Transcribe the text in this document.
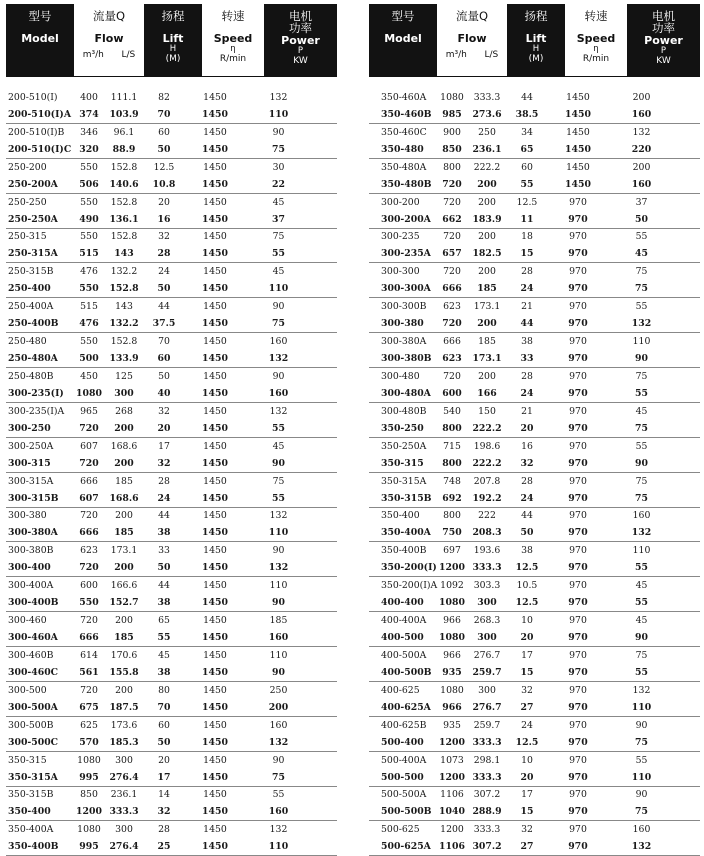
型号
Model
流量Q
Flow
m³/h L/S
扬程
Lift
H
(M)
转速
Speed
η
R/min
电机
功率
Power
P
KW
200-510(I)	400	111.1	82	1450	132
200-510(I)A 374	103.9	70	1450	110
200-510(I)B	346	96.1	60	1450	90
200-510(I)C 320	88.9	50	1450	75
250-200	550	152.8	12.5	1450	30
250-200A	506	140.6	10.8	1450	22
250-250	550	152.8	20	1450	45
250-250A	490	136.1	16	1450	37
250-315	550	152.8	32	1450	75
250-315A	515	143	28	1450	55
250-315B	476	132.2	24	1450	45
250-400	550	152.8	50	1450	110
250-400A	515	143	44	1450	90
250-400B	476	132.2	37.5	1450	75
250-480	550	152.8	70	1450	160
250-480A	500	133.9	60	1450	132
250-480B	450	125	50	1450	90
300-235(I)	1080	300	40	1450	160
300-235(I)A	965	268	32	1450	132
300-250	720	200	20	1450	55
300-250A	607	168.6	17	1450	45
300-315	720	200	32	1450	90
300-315A	666	185	28	1450	75
300-315B	607	168.6	24	1450	55
300-380	720	200	44	1450	132
300-380A	666	185	38	1450	110
300-380B	623	173.1	33	1450	90
300-400	720	200	50	1450	132
300-400A	600	166.6	44	1450	110
300-400B	550	152.7	38	1450	90
300-460	720	200	65	1450	185
300-460A	666	185	55	1450	160
300-460B	614	170.6	45	1450	110
300-460C	561	155.8	38	1450	90
300-500	720	200	80	1450	250
300-500A	675	187.5	70	1450	200
300-500B	625	173.6	60	1450	160
300-500C	570	185.3	50	1450	132
350-315	1080	300	20	1450	90
350-315A	995	276.4	17	1450	75
350-315B	850	236.1	14	1450	55
350-400	1200 333.3	32	1450	160
350-400A	1080	300	28	1450	132
350-400B	995	276.4	25	1450	110
型号
Model
流量Q
Flow
m³/h L/S
扬程
Lift
H
(M)
转速
Speed
η
R/min
电机
功率
Power
P
KW
350-460A	1080	333.3	44	1450	200
350-460B	985	273.6	38.5	1450	160
350-460C	900	250	34	1450	132
350-480	850	236.1	65	1450	220
350-480A	800	222.2	60	1450	200
350-480B	720	200	55	1450	160
300-200	720	200	12.5	970	37
300-200A	662	183.9	11	970	50
300-235	720	200	18	970	55
300-235A	657	182.5	15	970	45
300-300	720	200	28	970	75
300-300A	666	185	24	970	75
300-300B	623	173.1	21	970	55
300-380	720	200	44	970	132
300-380A	666	185	38	970	110
300-380B	623	173.1	33	970	90
300-480	720	200	28	970	75
300-480A	600	166	24	970	55
300-480B	540	150	21	970	45
350-250	800	222.2	20	970	75
350-250A	715	198.6	16	970	55
350-315	800	222.2	32	970	90
350-315A	748	207.8	28	970	75
350-315B	692	192.2	24	970	75
350-400	800	222	44	970	160
350-400A	750	208.3	50	970	132
350-400B	697	193.6	38	970	110
350-200(I) 1200 333.3	12.5	970	55
350-200(I)A 1092	303.3	10.5	970	45
400-400	1080	300	12.5	970	55
400-400A	966	268.3	10	970	45
400-500	1080	300	20	970	90
400-500A	966	276.7	17	970	75
400-500B	935	259.7	15	970	55
400-625	1080	300	32	970	132
400-625A	966	276.7	27	970	110
400-625B	935	259.7	24	970	90
500-400	1200 333.3	12.5	970	75
500-400A	1073	298.1	10	970	55
500-500	1200 333.3	20	970	110
500-500A	1106	307.2	17	970	90
500-500B 1040 288.9	15	970	75
500-625	1200	333.3	32	970	160
500-625A 1106 307.2	27	970	132
